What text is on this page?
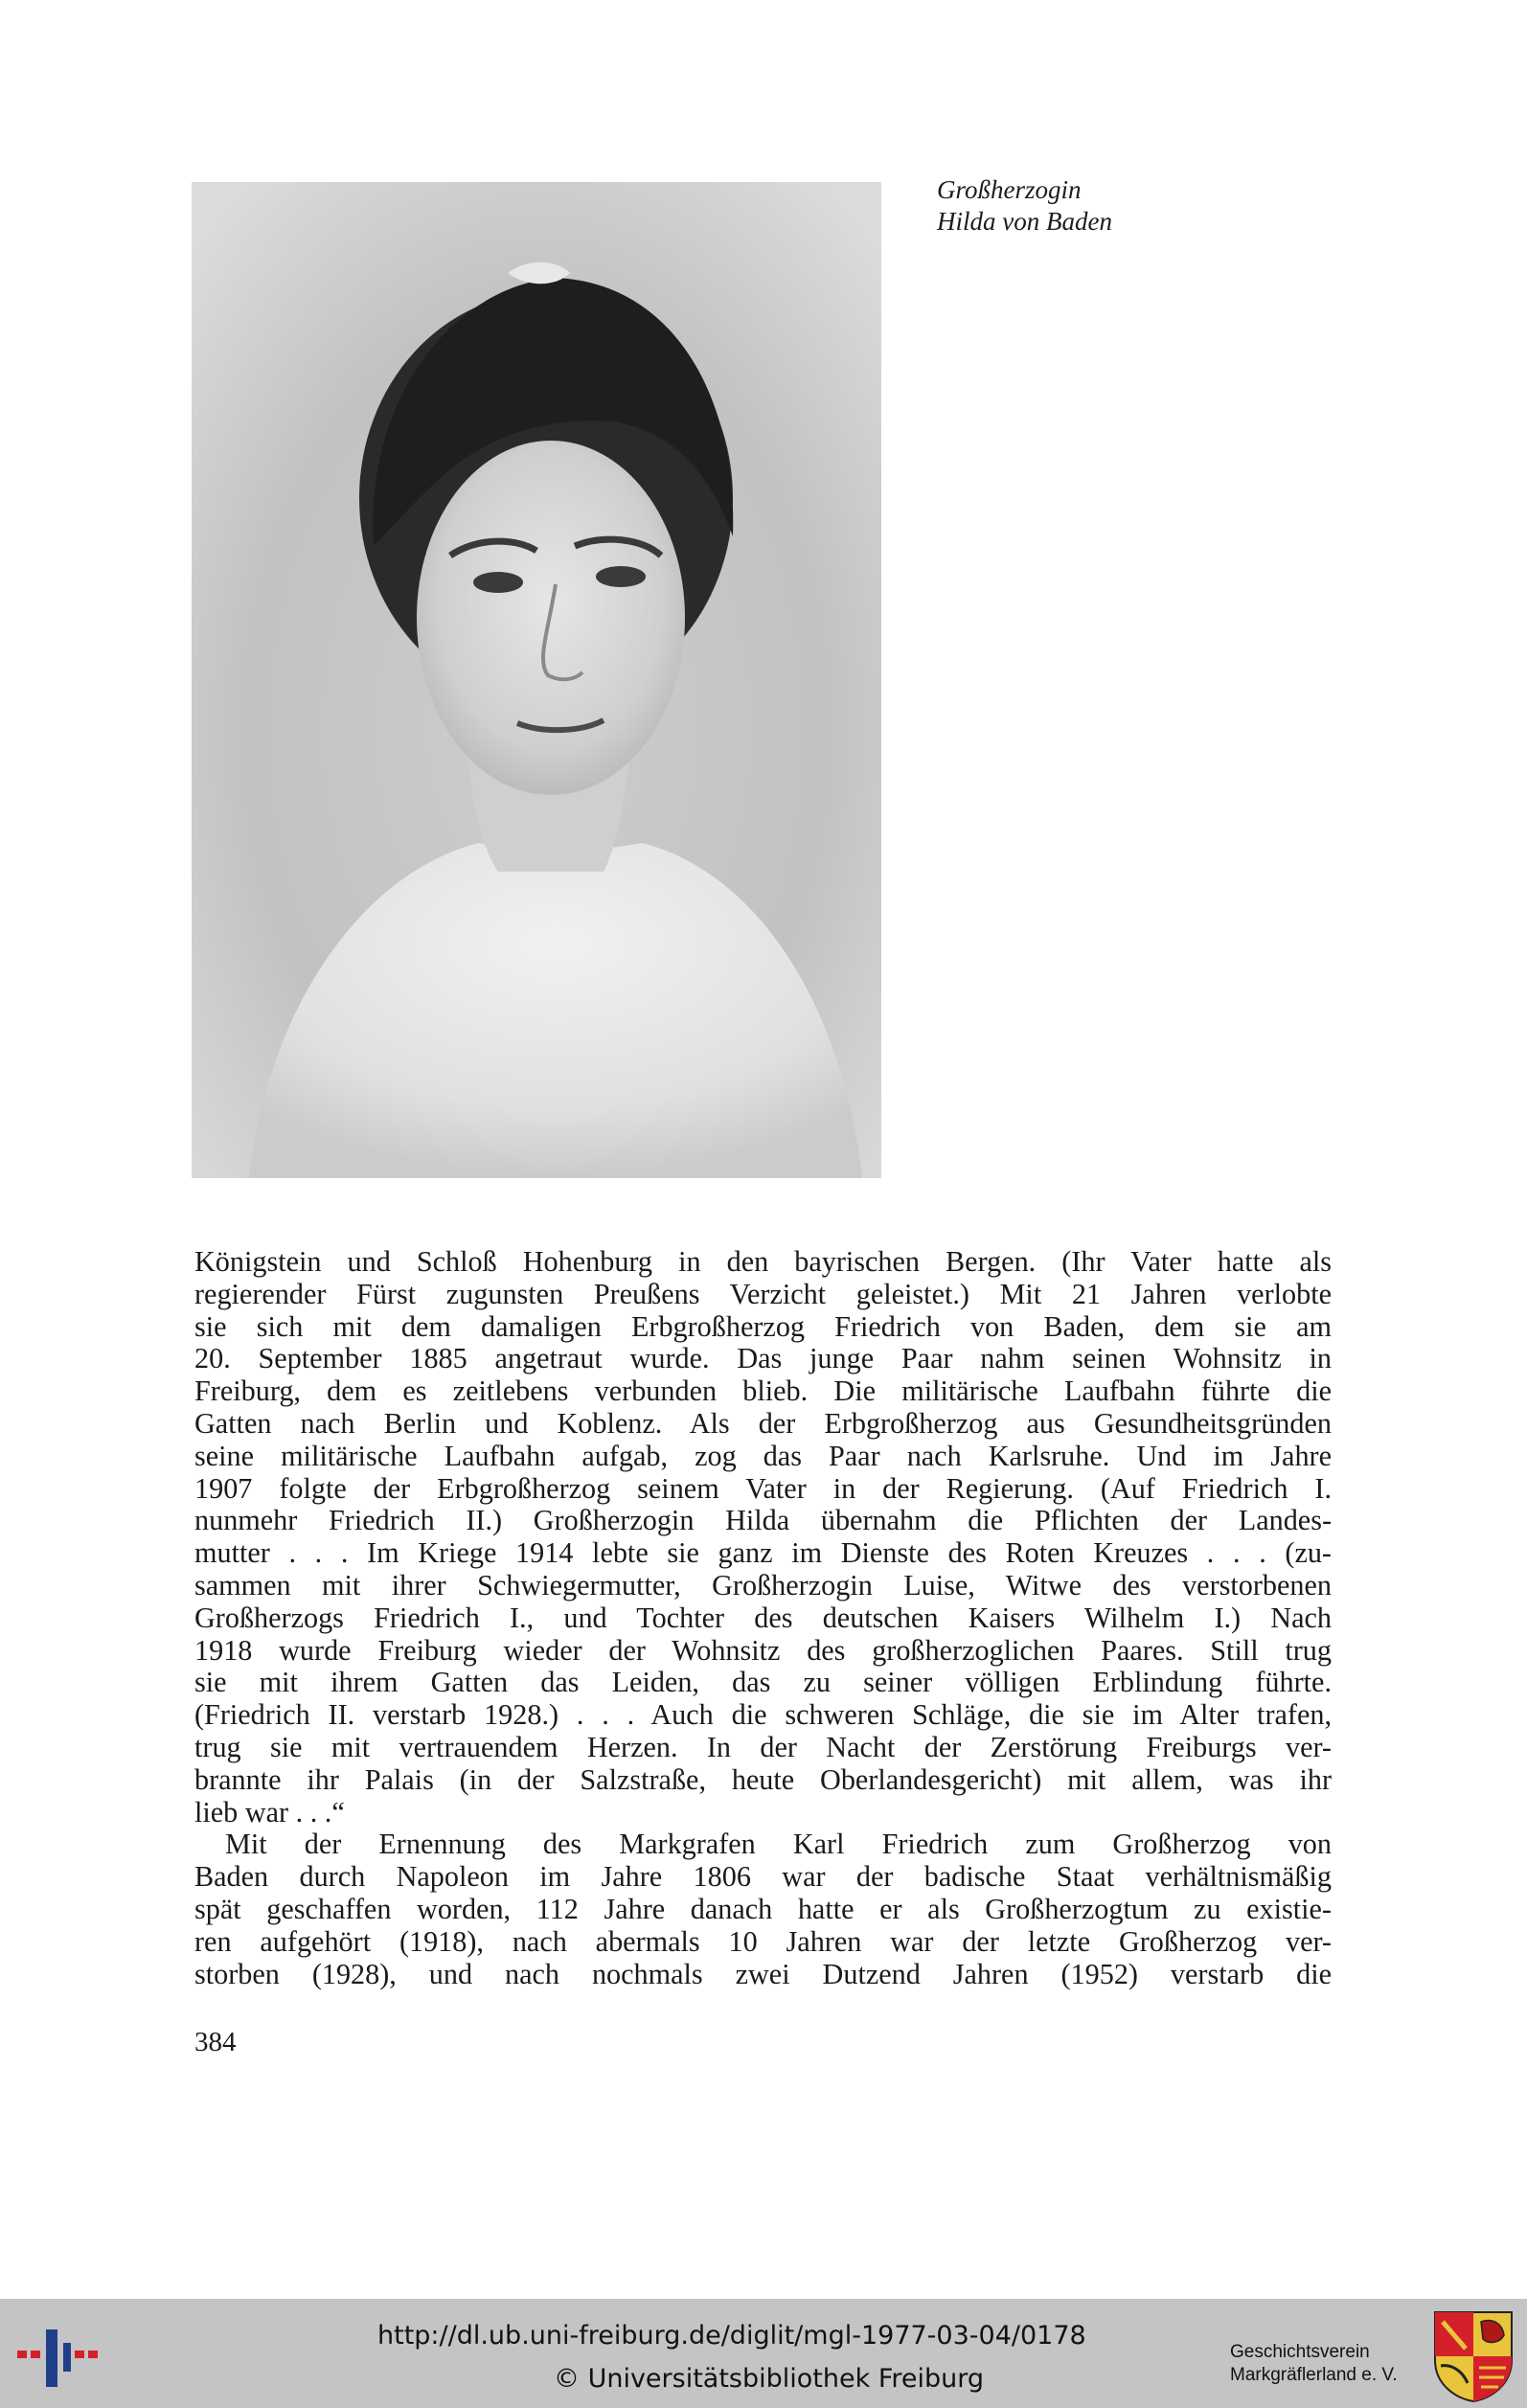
Großherzogin
Hilda von Baden
Königstein und Schloß Hohenburg in den bayrischen Bergen. (Ihr Vater hatte als
regierender Fürst zugunsten Preußens Verzicht geleistet.) Mit 21 Jahren verlobte
sie sich mit dem damaligen Erbgroßherzog Friedrich von Baden, dem sie am
20. September 1885 angetraut wurde. Das junge Paar nahm seinen Wohnsitz in
Freiburg, dem es zeitlebens verbunden blieb. Die militärische Laufbahn führte die
Gatten nach Berlin und Koblenz. Als der Erbgroßherzog aus Gesundheitsgründen
seine militärische Laufbahn aufgab, zog das Paar nach Karlsruhe. Und im Jahre
1907 folgte der Erbgroßherzog seinem Vater in der Regierung. (Auf Friedrich I.
nunmehr Friedrich II.) Großherzogin Hilda übernahm die Pflichten der Landes-
mutter . . . Im Kriege 1914 lebte sie ganz im Dienste des Roten Kreuzes . . . (zu-
sammen mit ihrer Schwiegermutter, Großherzogin Luise, Witwe des verstorbenen
Großherzogs Friedrich I., und Tochter des deutschen Kaisers Wilhelm I.) Nach
1918 wurde Freiburg wieder der Wohnsitz des großherzoglichen Paares. Still trug
sie mit ihrem Gatten das Leiden, das zu seiner völligen Erblindung führte.
(Friedrich II. verstarb 1928.) . . . Auch die schweren Schläge, die sie im Alter trafen,
trug sie mit vertrauendem Herzen. In der Nacht der Zerstörung Freiburgs ver-
brannte ihr Palais (in der Salzstraße, heute Oberlandesgericht) mit allem, was ihr
lieb war . . .“
Mit der Ernennung des Markgrafen Karl Friedrich zum Großherzog von
Baden durch Napoleon im Jahre 1806 war der badische Staat verhältnismäßig
spät geschaffen worden, 112 Jahre danach hatte er als Großherzogtum zu existie-
ren aufgehört (1918), nach abermals 10 Jahren war der letzte Großherzog ver-
storben (1928), und nach nochmals zwei Dutzend Jahren (1952) verstarb die
384
http://dl.ub.uni-freiburg.de/diglit/mgl-1977-03-04/0178
© Universitätsbibliothek Freiburg
Geschichtsverein
Markgräflerland e. V.
